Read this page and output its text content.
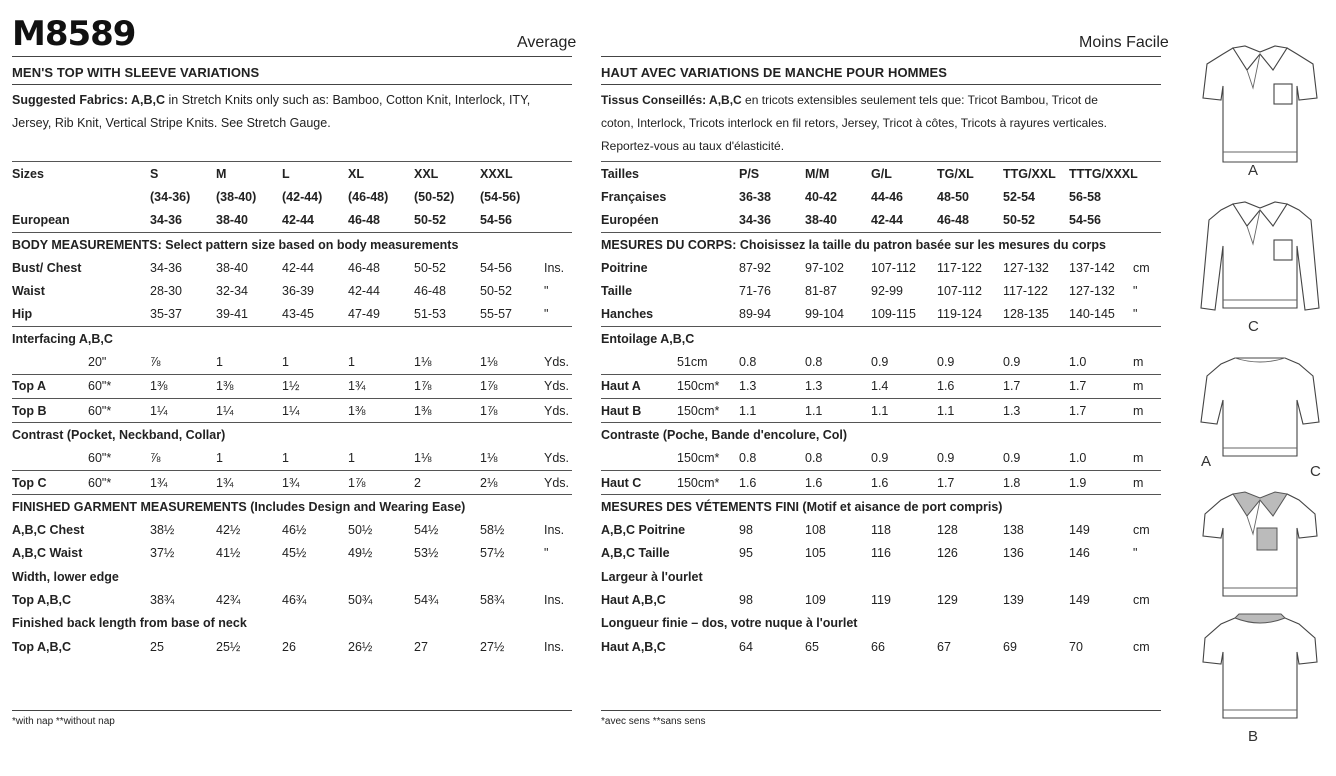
M8589	Average	Moins Facile
MEN'S TOP WITH SLEEVE VARIATIONS
Suggested Fabrics: A,B,C in Stretch Knits only such as: Bamboo, Cotton Knit, Interlock, ITY,
Jersey, Rib Knit, Vertical Stripe Knits. See Stretch Gauge.
Sizes		S	M	L	XL	XXL	XXXL	
		(34-36)	(38-40)	(42-44)	(46-48)	(50-52)	(54-56)	
European		34-36	38-40	42-44	46-48	50-52	54-56	
BODY MEASUREMENTS: Select pattern size based on body measurements								
Bust/ Chest		34-36	38-40	42-44	46-48	50-52	54-56	Ins.
Waist		28-30	32-34	36-39	42-44	46-48	50-52	"
Hip		35-37	39-41	43-45	47-49	51-53	55-57	"
Interfacing A,B,C								
	20"	⅞	1	1	1	1⅛	1⅛	Yds.
Top A	60"*	1⅜	1⅜	1½	1¾	1⅞	1⅞	Yds.
Top B	60"*	1¼	1¼	1¼	1⅜	1⅜	1⅞	Yds.
Contrast (Pocket, Neckband, Collar)								
	60"*	⅞	1	1	1	1⅛	1⅛	Yds.
Top C	60"*	1¾	1¾	1¾	1⅞	2	2⅛	Yds.
FINISHED GARMENT MEASUREMENTS (Includes Design and Wearing Ease)								
A,B,C Chest		38½	42½	46½	50½	54½	58½	Ins.
A,B,C Waist		37½	41½	45½	49½	53½	57½	"
Width, lower edge								
Top A,B,C		38¾	42¾	46¾	50¾	54¾	58¾	Ins.
Finished back length from base of neck								
Top A,B,C		25	25½	26	26½	27	27½	Ins.
*with nap **without nap
HAUT AVEC VARIATIONS DE MANCHE POUR HOMMES
Tissus Conseillés: A,B,C en tricots extensibles seulement tels que: Tricot Bambou, Tricot de
coton, Interlock, Tricots interlock en fil retors, Jersey, Tricot à côtes, Tricots à rayures verticales.
Reportez-vous au taux d'élasticité.
Tailles		P/S	M/M	G/L	TG/XL	TTG/XXL	TTTG/XXXL	
Françaises		36-38	40-42	44-46	48-50	52-54	56-58	
Européen		34-36	38-40	42-44	46-48	50-52	54-56	
MESURES DU CORPS: Choisissez la taille du patron basée sur les mesures du corps								
Poitrine		87-92	97-102	107-112	117-122	127-132	137-142	cm
Taille		71-76	81-87	92-99	107-112	117-122	127-132	"
Hanches		89-94	99-104	109-115	119-124	128-135	140-145	"
Entoilage A,B,C								
	51cm	0.8	0.8	0.9	0.9	0.9	1.0	m
Haut A	150cm*	1.3	1.3	1.4	1.6	1.7	1.7	m
Haut B	150cm*	1.1	1.1	1.1	1.1	1.3	1.7	m
Contraste (Poche, Bande d'encolure, Col)								
	150cm*	0.8	0.8	0.9	0.9	0.9	1.0	m
Haut C	150cm*	1.6	1.6	1.6	1.7	1.8	1.9	m
MESURES DES VÉTEMENTS FINI (Motif et aisance de port compris)								
A,B,C Poitrine		98	108	118	128	138	149	cm
A,B,C Taille		95	105	116	126	136	146	"
Largeur à l'ourlet								
Haut A,B,C		98	109	119	129	139	149	cm
Longueur finie – dos, votre nuque à l'ourlet								
Haut A,B,C		64	65	66	67	69	70	cm
*avec sens **sans sens
A
C
A
C
B
